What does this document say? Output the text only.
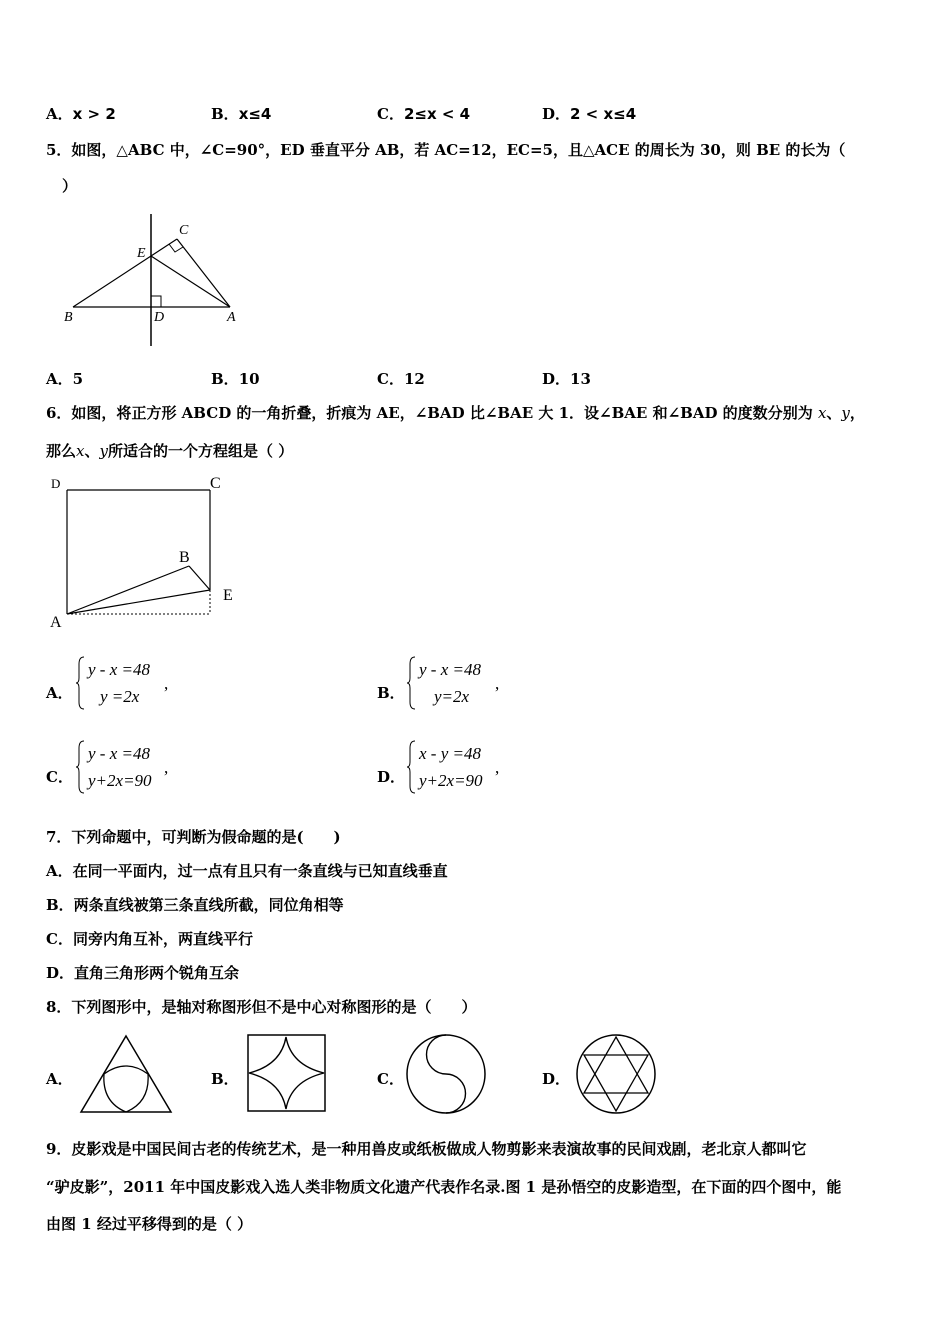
A．x > 2	B．x≤4	C．2≤x < 4	D．2 < x≤4
5．如图，△ABC 中，∠C=90°，ED 垂直平分 AB，若 AC=12，EC=5，且△ACE 的周长为 30，则 BE 的长为（
）
B	D	A
E
C
A．5	B．10	C．12	D．13
6．如图，将正方形 ABCD 的一角折叠，折痕为 AE，∠BAD 比∠BAE 大 1．设∠BAE 和∠BAD 的度数分别为 x、y，
那么x、y所适合的一个方程组是（ ）
D	C
B
E
A
A．
y - x =48
y =2x
,	B．
y - x =48
y=2x
,
C．
y - x =48
y+2x=90
,	D．
x - y =48
y+2x=90
,
7．下列命题中，可判断为假命题的是(　　)
A．在同一平面内，过一点有且只有一条直线与已知直线垂直
B．两条直线被第三条直线所截，同位角相等
C．同旁内角互补，两直线平行
D．直角三角形两个锐角互余
8．下列图形中，是轴对称图形但不是中心对称图形的是（　　）
A．	B．	C．	D．
9．皮影戏是中国民间古老的传统艺术，是一种用兽皮或纸板做成人物剪影来表演故事的民间戏剧，老北京人都叫它
“驴皮影”，2011 年中国皮影戏入选人类非物质文化遗产代表作名录.图 1 是孙悟空的皮影造型，在下面的四个图中，能
由图 1 经过平移得到的是（ ）
